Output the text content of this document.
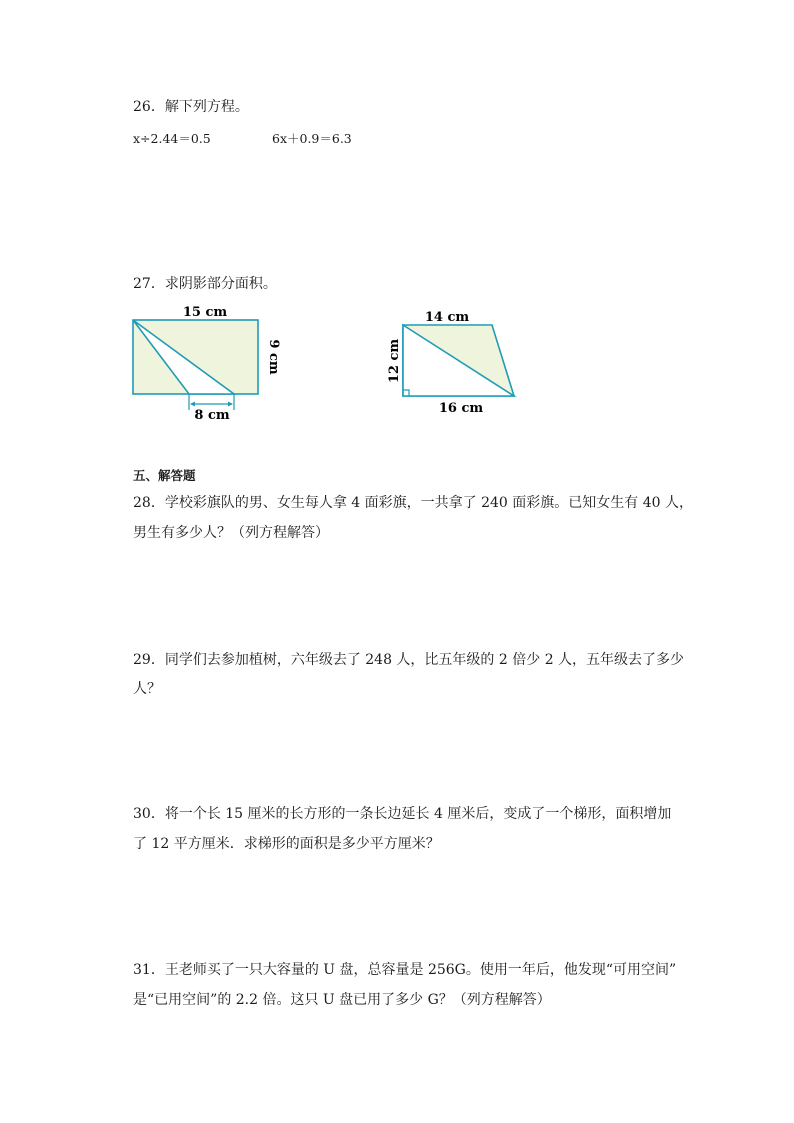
26．解下列方程。
x÷2.44＝0.5	6x＋0.9＝6.3
27．求阴影部分面积。
15 cm
9 cm
8 cm
14 cm
12 cm
16 cm
五、解答题
28．学校彩旗队的男、女生每人拿 4 面彩旗，一共拿了 240 面彩旗。已知女生有 40 人，
男生有多少人？（列方程解答）
29．同学们去参加植树，六年级去了 248 人，比五年级的 2 倍少 2 人，五年级去了多少
人？
30．将一个长 15 厘米的长方形的一条长边延长 4 厘米后，变成了一个梯形，面积增加
了 12 平方厘米．求梯形的面积是多少平方厘米？
31．王老师买了一只大容量的 U 盘，总容量是 256G。使用一年后，他发现“可用空间”
是“已用空间”的 2.2 倍。这只 U 盘已用了多少 G？（列方程解答）
